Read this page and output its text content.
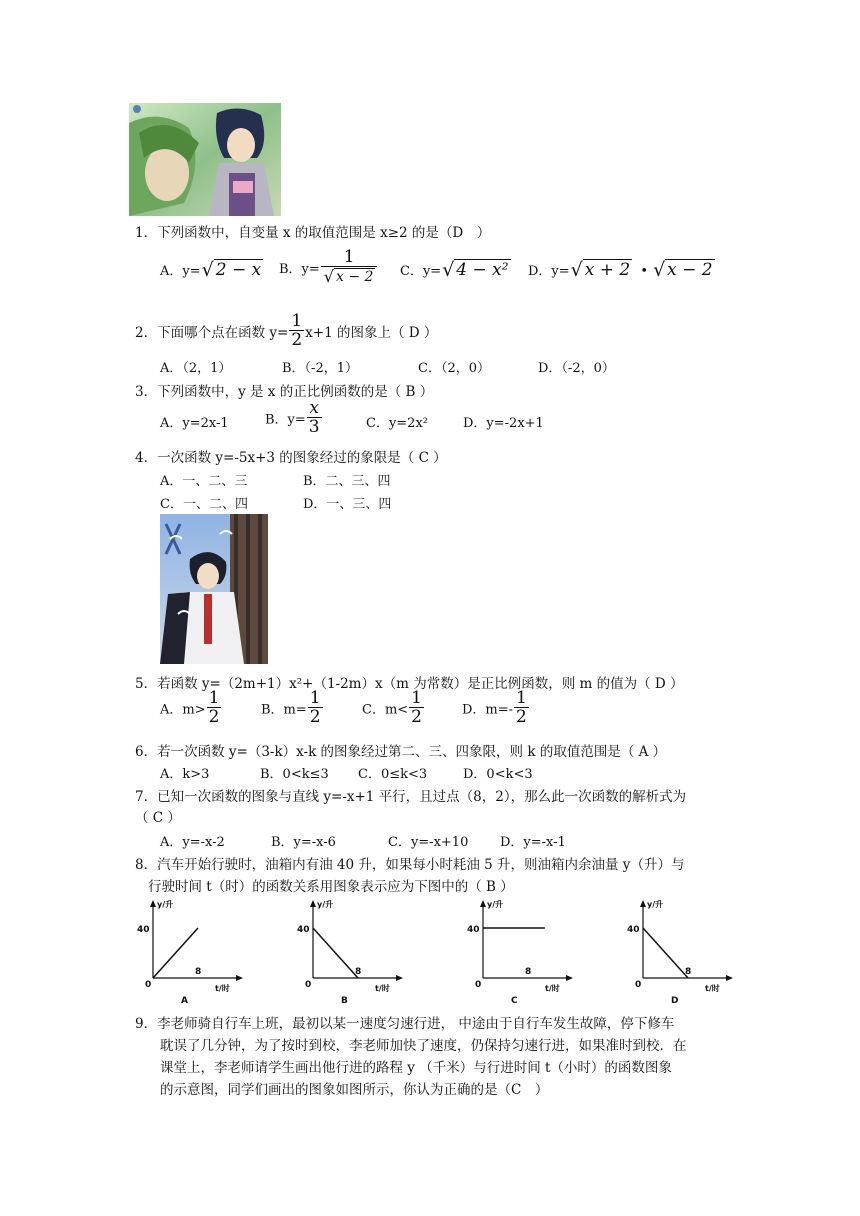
1．下列函数中，自变量 x 的取值范围是 x≥2 的是（D　）
A．y=√ 2 − x B．$y= \frac{1}{√ x - 2}$ C．y=√ 4 − x² D．y=√ x + 2 • √ x − 2
2．下面哪个点在函数 $y= \frac{1}{2} x+1$ 的图象上（ D ）
A．（2，1）	B．（-2，1）	C．（2，0）	D．（-2，0）
3．下列函数中，y 是 x 的正比例函数的是（ B ）
A．y=2x-1	B．$y= \frac{x}{3}$	C．y=2x²	D．y=-2x+1
4．一次函数 y=-5x+3 的图象经过的象限是（ C ）
A．一、二、三	B．二、三、四
C．一、二、四	D．一、三、四
5．若函数 y=（2m+1）x²+（1-2m）x（m 为常数）是正比例函数，则 m 的值为（ D ）
A．$m> \frac{1}{2}$	B．$m= \frac{1}{2}$	C．$m< \frac{1}{2}$	D．$m=- \frac{1}{2}$
6．若一次函数 y=（3-k）x-k 的图象经过第二、三、四象限，则 k 的取值范围是（ A ）
A．k>3	B．0<k≤3 C．0≤k<3	D．0<k<3
7．已知一次函数的图象与直线 y=-x+1 平行，且过点（8，2），那么此一次函数的解析式为
（ C ）
A．y=-x-2	B．y=-x-6	C．y=-x+10 D．y=-x-1
8．汽车开始行驶时，油箱内有油 40 升，如果每小时耗油 5 升，则油箱内余油量 y（升）与
行驶时间 t（时）的函数关系用图象表示应为下图中的（ B ）
y/升
t/时
40
8
0
A
y/升
t/时
40
8
0
B
y/升
t/时
40
8
0
C
y/升
t/时
40
8
0
D
9．李老师骑自行车上班，最初以某一速度匀速行进， 中途由于自行车发生故障，停下修车
耽误了几分钟，为了按时到校，李老师加快了速度，仍保持匀速行进，如果准时到校．在
课堂上，李老师请学生画出他行进的路程 y （千米）与行进时间 t（小时）的函数图象
的示意图，同学们画出的图象如图所示，你认为正确的是（C　）
